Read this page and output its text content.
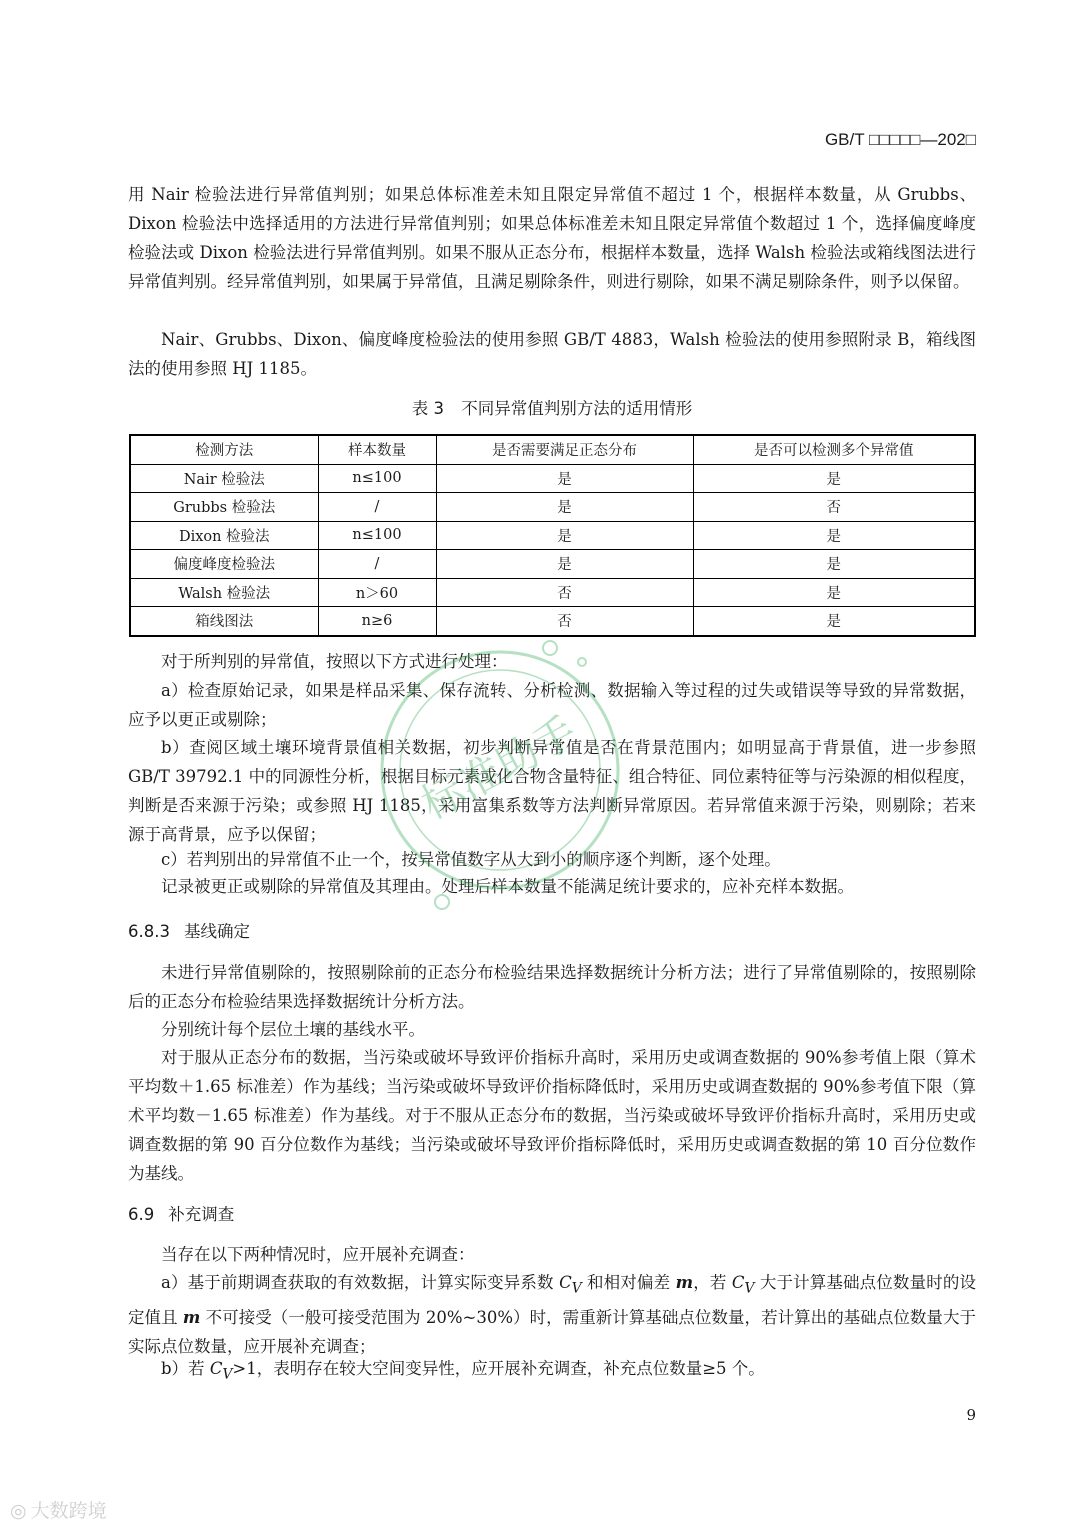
GB/T □□□□□—202□

用 Nair 检验法进行异常值判别；如果总体标准差未知且限定异常值不超过 1 个，根据样本数量，从 Grubbs、Dixon 检验法中选择适用的方法进行异常值判别；如果总体标准差未知且限定异常值个数超过 1 个，选择偏度峰度检验法或 Dixon 检验法进行异常值判别。如果不服从正态分布，根据样本数量，选择 Walsh 检验法或箱线图法进行异常值判别。经异常值判别，如果属于异常值，且满足剔除条件，则进行剔除，如果不满足剔除条件，则予以保留。

Nair、Grubbs、Dixon、偏度峰度检验法的使用参照 GB/T 4883，Walsh 检验法的使用参照附录 B，箱线图法的使用参照 HJ 1185。

表 3 不同异常值判别方法的适用情形
检测方法	样本数量	是否需要满足正态分布	是否可以检测多个异常值
Nair 检验法	n≤100	是	是
Grubbs 检验法	/	是	否
Dixon 检验法	n≤100	是	是
偏度峰度检验法	/	是	是
Walsh 检验法	n＞60	否	是
箱线图法	n≥6	否	是

对于所判别的异常值，按照以下方式进行处理：

a）检查原始记录，如果是样品采集、保存流转、分析检测、数据输入等过程的过失或错误等导致的异常数据，应予以更正或剔除；

b）查阅区域土壤环境背景值相关数据，初步判断异常值是否在背景范围内；如明显高于背景值，进一步参照 GB/T 39792.1 中的同源性分析，根据目标元素或化合物含量特征、组合特征、同位素特征等与污染源的相似程度，判断是否来源于污染；或参照 HJ 1185，采用富集系数等方法判断异常原因。若异常值来源于污染，则剔除；若来源于高背景，应予以保留；

c）若判别出的异常值不止一个，按异常值数字从大到小的顺序逐个判断，逐个处理。

记录被更正或剔除的异常值及其理由。处理后样本数量不能满足统计要求的，应补充样本数据。

6.8.3 基线确定

未进行异常值剔除的，按照剔除前的正态分布检验结果选择数据统计分析方法；进行了异常值剔除的，按照剔除后的正态分布检验结果选择数据统计分析方法。

分别统计每个层位土壤的基线水平。

对于服从正态分布的数据，当污染或破坏导致评价指标升高时，采用历史或调查数据的 90%参考值上限（算术平均数＋1.65 标准差）作为基线；当污染或破坏导致评价指标降低时，采用历史或调查数据的 90%参考值下限（算术平均数－1.65 标准差）作为基线。对于不服从正态分布的数据，当污染或破坏导致评价指标升高时，采用历史或调查数据的第 90 百分位数作为基线；当污染或破坏导致评价指标降低时，采用历史或调查数据的第 10 百分位数作为基线。

6.9 补充调查

当存在以下两种情况时，应开展补充调查：

a）基于前期调查获取的有效数据，计算实际变异系数 $C_V$ 和相对偏差 m，若 $C_V$ 大于计算基础点位数量时的设定值且 m 不可接受（一般可接受范围为 20%~30%）时，需重新计算基础点位数量，若计算出的基础点位数量大于实际点位数量，应开展补充调查；

b）若 $C_V>1$，表明存在较大空间变异性，应开展补充调查，补充点位数量≥5 个。

9
标准助手
◎ 大数跨境
